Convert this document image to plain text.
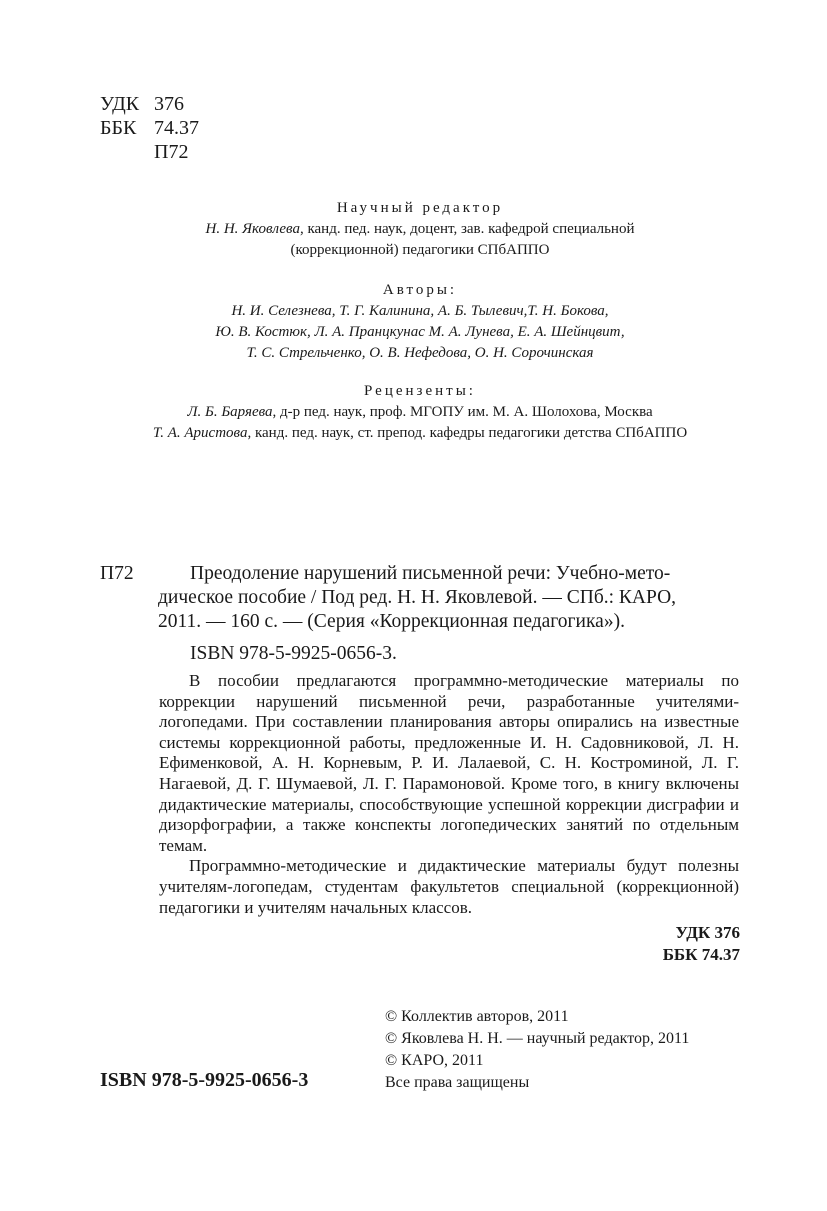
УДК 376
ББК 74.37
П72
Научный редактор
Н. Н. Яковлева, канд. пед. наук, доцент, зав. кафедрой специальной
(коррекционной) педагогики СПбАППО
Авторы:
Н. И. Селезнева, Т. Г. Калинина, А. Б. Тылевич,Т. Н. Бокова,
Ю. В. Костюк, Л. А. Пранцкунас М. А. Лунева, Е. А. Шейнцвит,
Т. С. Стрельченко, О. В. Нефедова, О. Н. Сорочинская
Рецензенты:
Л. Б. Баряева, д-р пед. наук, проф. МГОПУ им. М. А. Шолохова, Москва
Т. А. Аристова, канд. пед. наук, ст. препод. кафедры педагогики детства СПбАППО
П72	Преодоление нарушений письменной речи: Учебно-мето-
дическое пособие / Под ред. Н. Н. Яковлевой. — СПб.: КАРО,
2011. — 160 с. — (Серия «Коррекционная педагогика»).
ISBN 978-5-9925-0656-3.

В пособии предлагаются программно-методические материалы по коррекции нарушений письменной речи, разработанные учителями-логопедами. При составлении планирования авторы опирались на известные системы коррекционной работы, предложенные И. Н. Садовниковой, Л. Н. Ефименковой, А. Н. Корневым, Р. И. Лалаевой, С. Н. Костроминой, Л. Г. Нагаевой, Д. Г. Шумаевой, Л. Г. Парамоновой. Кроме того, в книгу включены дидактические материалы, способствующие успешной коррекции дисграфии и дизорфографии, а также конспекты логопедических занятий по отдельным темам.

Программно-методические и дидактические материалы будут полезны учителям-логопедам, студентам факультетов специальной (коррекционной) педагогики и учителям начальных классов.

УДК 376
ББК 74.37
© Коллектив авторов, 2011
© Яковлева Н. Н. — научный редактор, 2011
© КАРО, 2011
Все права защищены
ISBN 978-5-9925-0656-3
